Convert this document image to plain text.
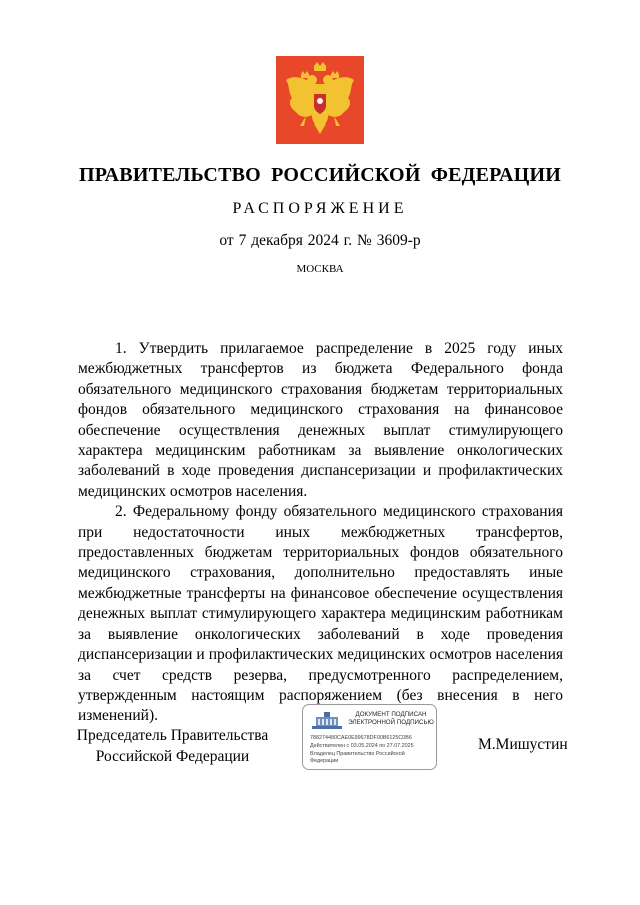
ПРАВИТЕЛЬСТВО РОССИЙСКОЙ ФЕДЕРАЦИИ
РАСПОРЯЖЕНИЕ
от 7 декабря 2024 г. № 3609-р
МОСКВА

1. Утвердить прилагаемое распределение в 2025 году иных межбюджетных трансфертов из бюджета Федерального фонда обязательного медицинского страхования бюджетам территориальных фондов обязательного медицинского страхования на финансовое обеспечение осуществления денежных выплат стимулирующего характера медицинским работникам за выявление онкологических заболеваний в ходе проведения диспансеризации и профилактических медицинских осмотров населения.

2. Федеральному фонду обязательного медицинского страхования при недостаточности иных межбюджетных трансфертов, предоставленных бюджетам территориальных фондов обязательного медицинского страхования, дополнительно предоставлять иные межбюджетные трансферты на финансовое обеспечение осуществления денежных выплат стимулирующего характера медицинским работникам за выявление онкологических заболеваний в ходе проведения диспансеризации и профилактических медицинских осмотров населения за счет средств резерва, предусмотренного распределением, утвержденным настоящим распоряжением (без внесения в него изменений).

Председатель Правительства
Российской Федерации
ДОКУМЕНТ ПОДПИСАН
ЭЛЕКТРОННОЙ ПОДПИСЬЮ
788274480CAE0E99678DF00B6125C0B6
Действителен с 03.05.2024 по 27.07.2025
Владелец Правительство Российской
Федерации
М.Мишустин
